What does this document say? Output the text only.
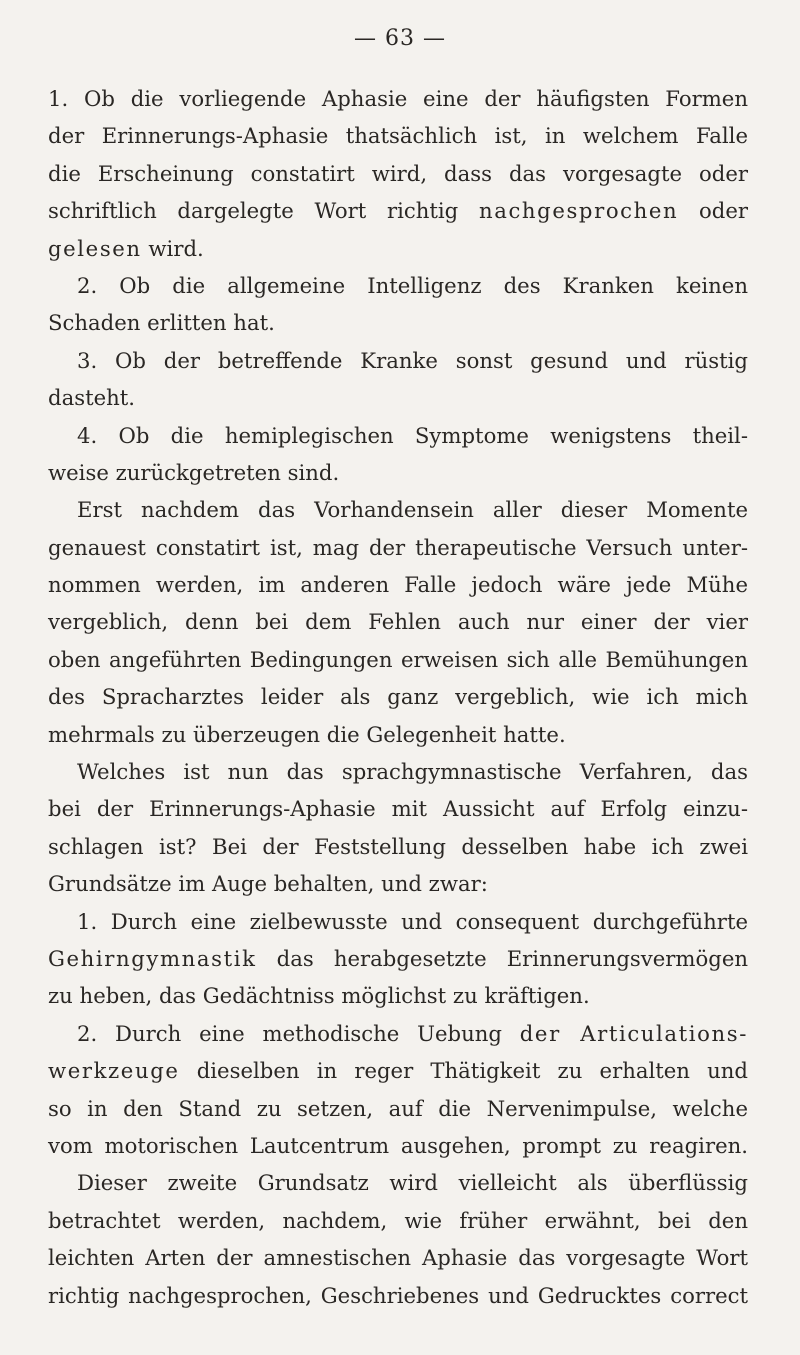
— 63 —
1. Ob die vorliegende Aphasie eine der häufigsten Formen
der Erinnerungs-Aphasie thatsächlich ist, in welchem Falle
die Erscheinung constatirt wird, dass das vorgesagte oder
schriftlich dargelegte Wort richtig nachgesprochen oder
gelesen wird.
2. Ob die allgemeine Intelligenz des Kranken keinen
Schaden erlitten hat.
3. Ob der betreffende Kranke sonst gesund und rüstig
dasteht.
4. Ob die hemiplegischen Symptome wenigstens theil-
weise zurückgetreten sind.
Erst nachdem das Vorhandensein aller dieser Momente
genauest constatirt ist, mag der therapeutische Versuch unter-
nommen werden, im anderen Falle jedoch wäre jede Mühe
vergeblich, denn bei dem Fehlen auch nur einer der vier
oben angeführten Bedingungen erweisen sich alle Bemühungen
des Spracharztes leider als ganz vergeblich, wie ich mich
mehrmals zu überzeugen die Gelegenheit hatte.
Welches ist nun das sprachgymnastische Verfahren, das
bei der Erinnerungs-Aphasie mit Aussicht auf Erfolg einzu-
schlagen ist? Bei der Feststellung desselben habe ich zwei
Grundsätze im Auge behalten, und zwar:
1. Durch eine zielbewusste und consequent durchgeführte
Gehirngymnastik das herabgesetzte Erinnerungsvermögen
zu heben, das Gedächtniss möglichst zu kräftigen.
2. Durch eine methodische Uebung der Articulations-
werkzeuge dieselben in reger Thätigkeit zu erhalten und
so in den Stand zu setzen, auf die Nervenimpulse, welche
vom motorischen Lautcentrum ausgehen, prompt zu reagiren.
Dieser zweite Grundsatz wird vielleicht als überflüssig
betrachtet werden, nachdem, wie früher erwähnt, bei den
leichten Arten der amnestischen Aphasie das vorgesagte Wort
richtig nachgesprochen, Geschriebenes und Gedrucktes correct
